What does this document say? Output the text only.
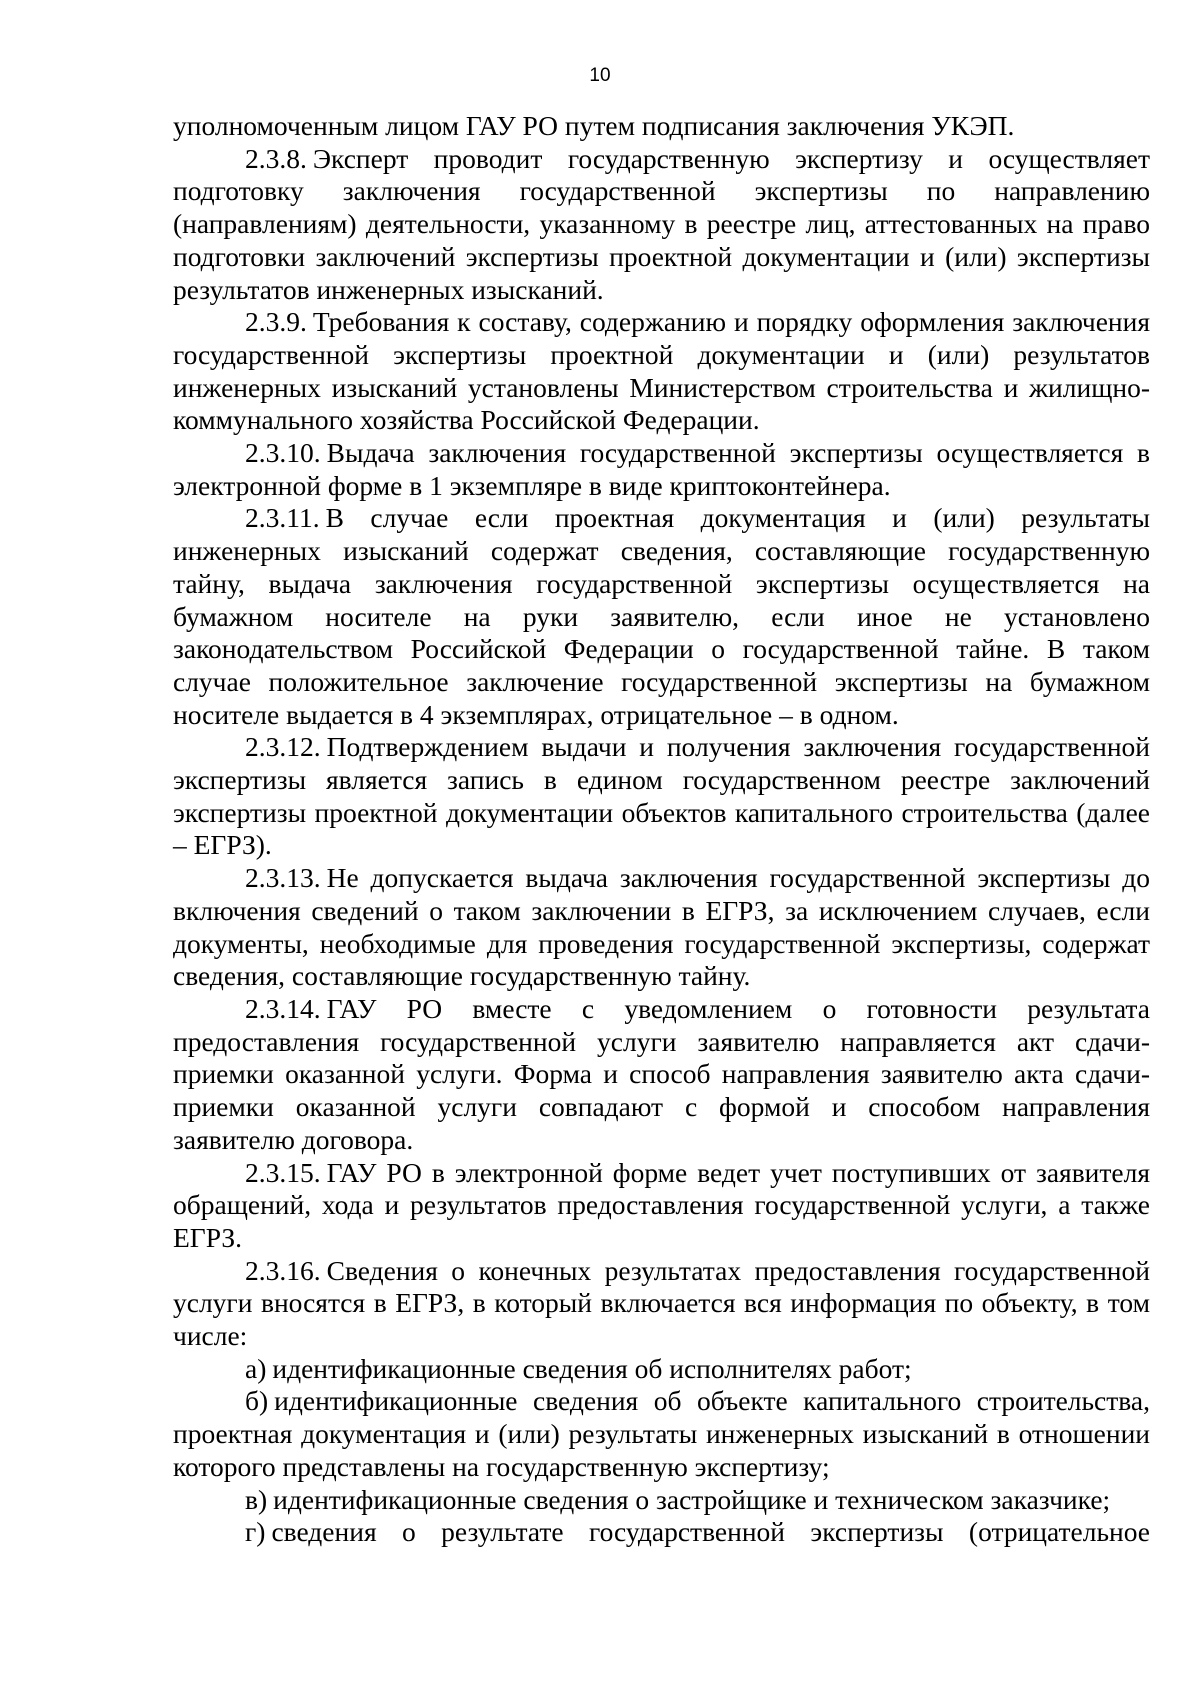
10

уполномоченным лицом ГАУ РО путем подписания заключения УКЭП.

2.3.8. Эксперт проводит государственную экспертизу и осуществляет подготовку заключения государственной экспертизы по направлению (направлениям) деятельности, указанному в реестре лиц, аттестованных на право подготовки заключений экспертизы проектной документации и (или) экспертизы результатов инженерных изысканий.

2.3.9. Требования к составу, содержанию и порядку оформления заключения государственной экспертизы проектной документации и (или) результатов инженерных изысканий установлены Министерством строительства и жилищно-коммунального хозяйства Российской Федерации.

2.3.10. Выдача заключения государственной экспертизы осуществляется в электронной форме в 1 экземпляре в виде криптоконтейнера.

2.3.11. В случае если проектная документация и (или) результаты инженерных изысканий содержат сведения, составляющие государственную тайну, выдача заключения государственной экспертизы осуществляется на бумажном носителе на руки заявителю, если иное не установлено законодательством Российской Федерации о государственной тайне. В таком случае положительное заключение государственной экспертизы на бумажном носителе выдается в 4 экземплярах, отрицательное – в одном.

2.3.12. Подтверждением выдачи и получения заключения государственной экспертизы является запись в едином государственном реестре заключений экспертизы проектной документации объектов капитального строительства (далее – ЕГРЗ).

2.3.13. Не допускается выдача заключения государственной экспертизы до включения сведений о таком заключении в ЕГРЗ, за исключением случаев, если документы, необходимые для проведения государственной экспертизы, содержат сведения, составляющие государственную тайну.

2.3.14. ГАУ РО вместе с уведомлением о готовности результата предоставления государственной услуги заявителю направляется акт сдачи-приемки оказанной услуги. Форма и способ направления заявителю акта сдачи-приемки оказанной услуги совпадают с формой и способом направления заявителю договора.

2.3.15. ГАУ РО в электронной форме ведет учет поступивших от заявителя обращений, хода и результатов предоставления государственной услуги, а также ЕГРЗ.

2.3.16. Сведения о конечных результатах предоставления государственной услуги вносятся в ЕГРЗ, в который включается вся информация по объекту, в том числе:

а) идентификационные сведения об исполнителях работ;

б) идентификационные сведения об объекте капитального строительства, проектная документация и (или) результаты инженерных изысканий в отношении которого представлены на государственную экспертизу;

в) идентификационные сведения о застройщике и техническом заказчике;

г) сведения о результате государственной экспертизы (отрицательное
